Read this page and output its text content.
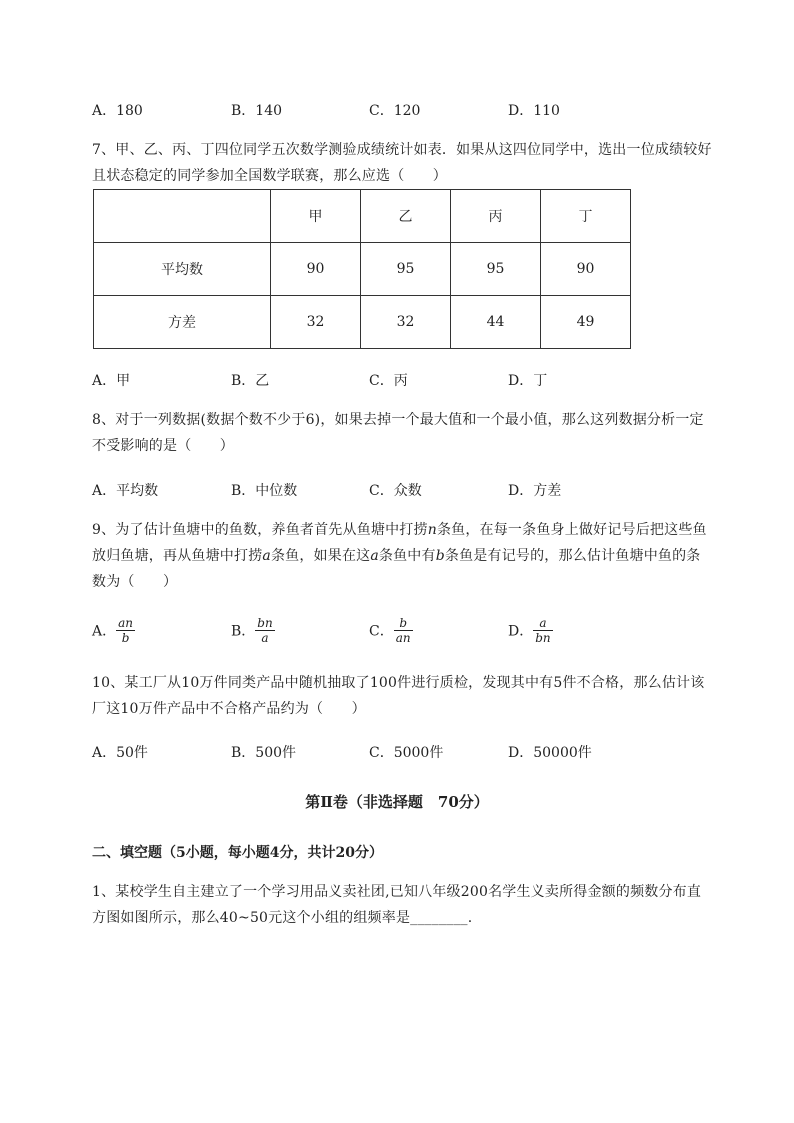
A．180	B．140	C．120	D．110
7、甲、乙、丙、丁四位同学五次数学测验成绩统计如表．如果从这四位同学中，选出一位成绩较好
且状态稳定的同学参加全国数学联赛，那么应选（　　）
	甲	乙	丙	丁
平均数	90	95	95	90
方差	32	32	44	49
A．甲	B．乙	C．丙	D．丁
8、对于一列数据(数据个数不少于6)，如果去掉一个最大值和一个最小值，那么这列数据分析一定
不受影响的是（　　）
A．平均数	B．中位数	C．众数	D．方差
9、为了估计鱼塘中的鱼数，养鱼者首先从鱼塘中打捞n条鱼，在每一条鱼身上做好记号后把这些鱼
放归鱼塘，再从鱼塘中打捞a条鱼，如果在这a条鱼中有b条鱼是有记号的，那么估计鱼塘中鱼的条
数为（　　）
A． $\frac{an}{b}$	B． $\frac{bn}{a}$	C． $\frac{b}{an}$	D． $\frac{a}{bn}$
10、某工厂从10万件同类产品中随机抽取了100件进行质检，发现其中有5件不合格，那么估计该
厂这10万件产品中不合格产品约为（　　）
A．50件	B．500件	C．5000件	D．50000件
第Ⅱ卷（非选择题　70分）
二、填空题（5小题，每小题4分，共计20分）
1、某校学生自主建立了一个学习用品义卖社团,已知八年级200名学生义卖所得金额的频数分布直
方图如图所示，那么40~50元这个小组的组频率是________.
